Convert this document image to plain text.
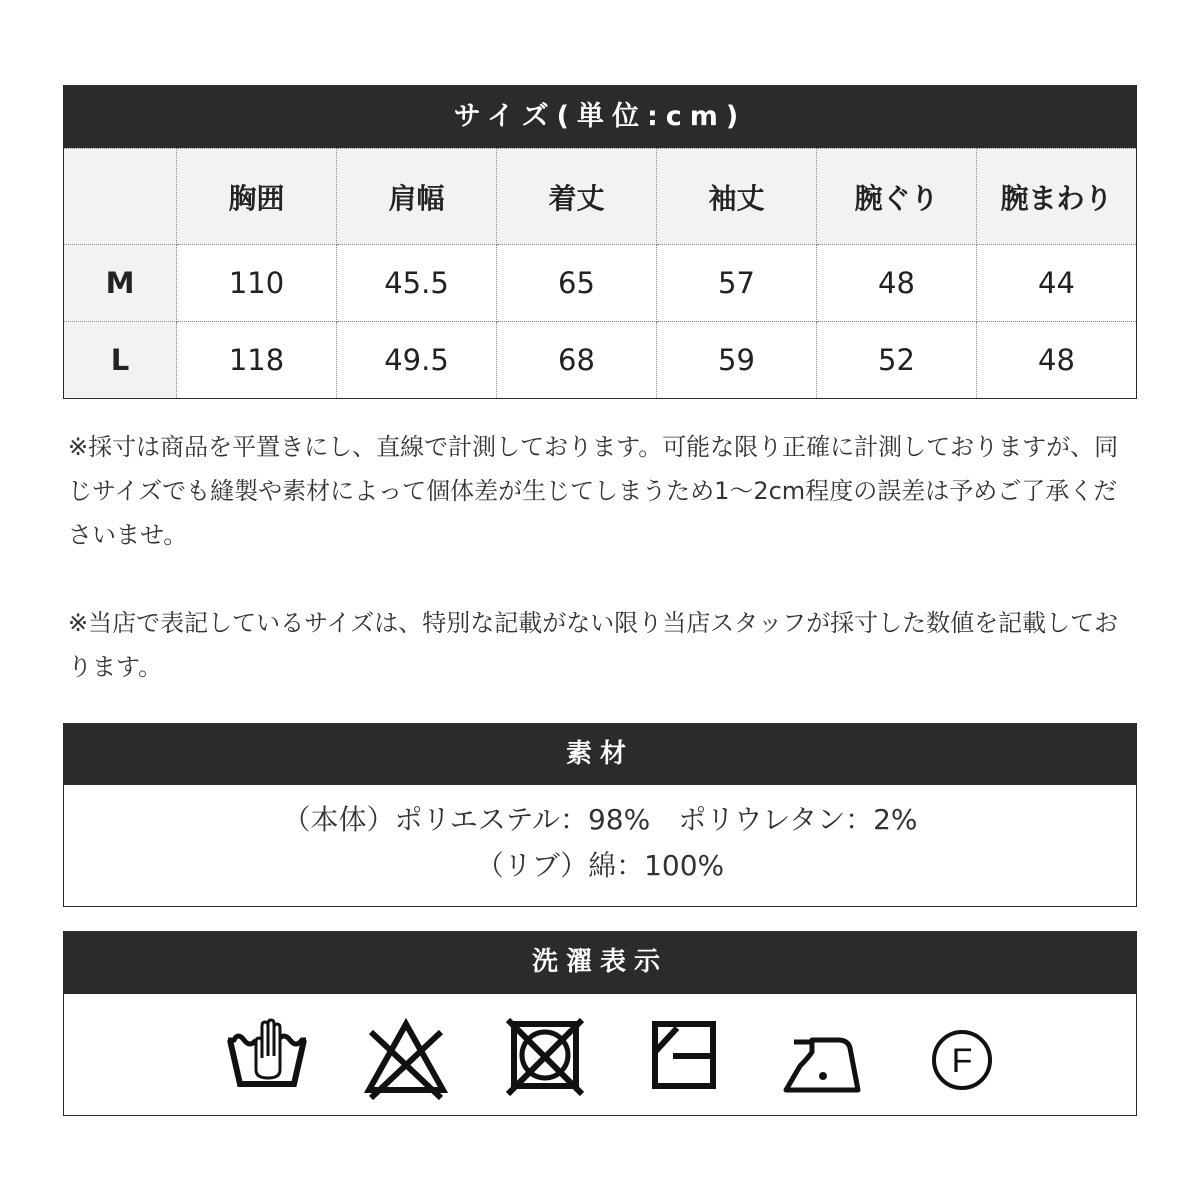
サイズ(単位:cm)
	胸囲	肩幅	着丈	袖丈	腕ぐり	腕まわり
M	110	45.5	65	57	48	44
L	118	49.5	68	59	52	48
※採寸は商品を平置きにし、直線で計測しております。可能な限り正確に計測しておりますが、同じサイズでも縫製や素材によって個体差が生じてしまうため1～2cm程度の誤差は予めご了承くださいませ。
※当店で表記しているサイズは、特別な記載がない限り当店スタッフが採寸した数値を記載しております。
素材
（本体）ポリエステル：98%　ポリウレタン：2%
（リブ）綿：100%
洗濯表示
F
